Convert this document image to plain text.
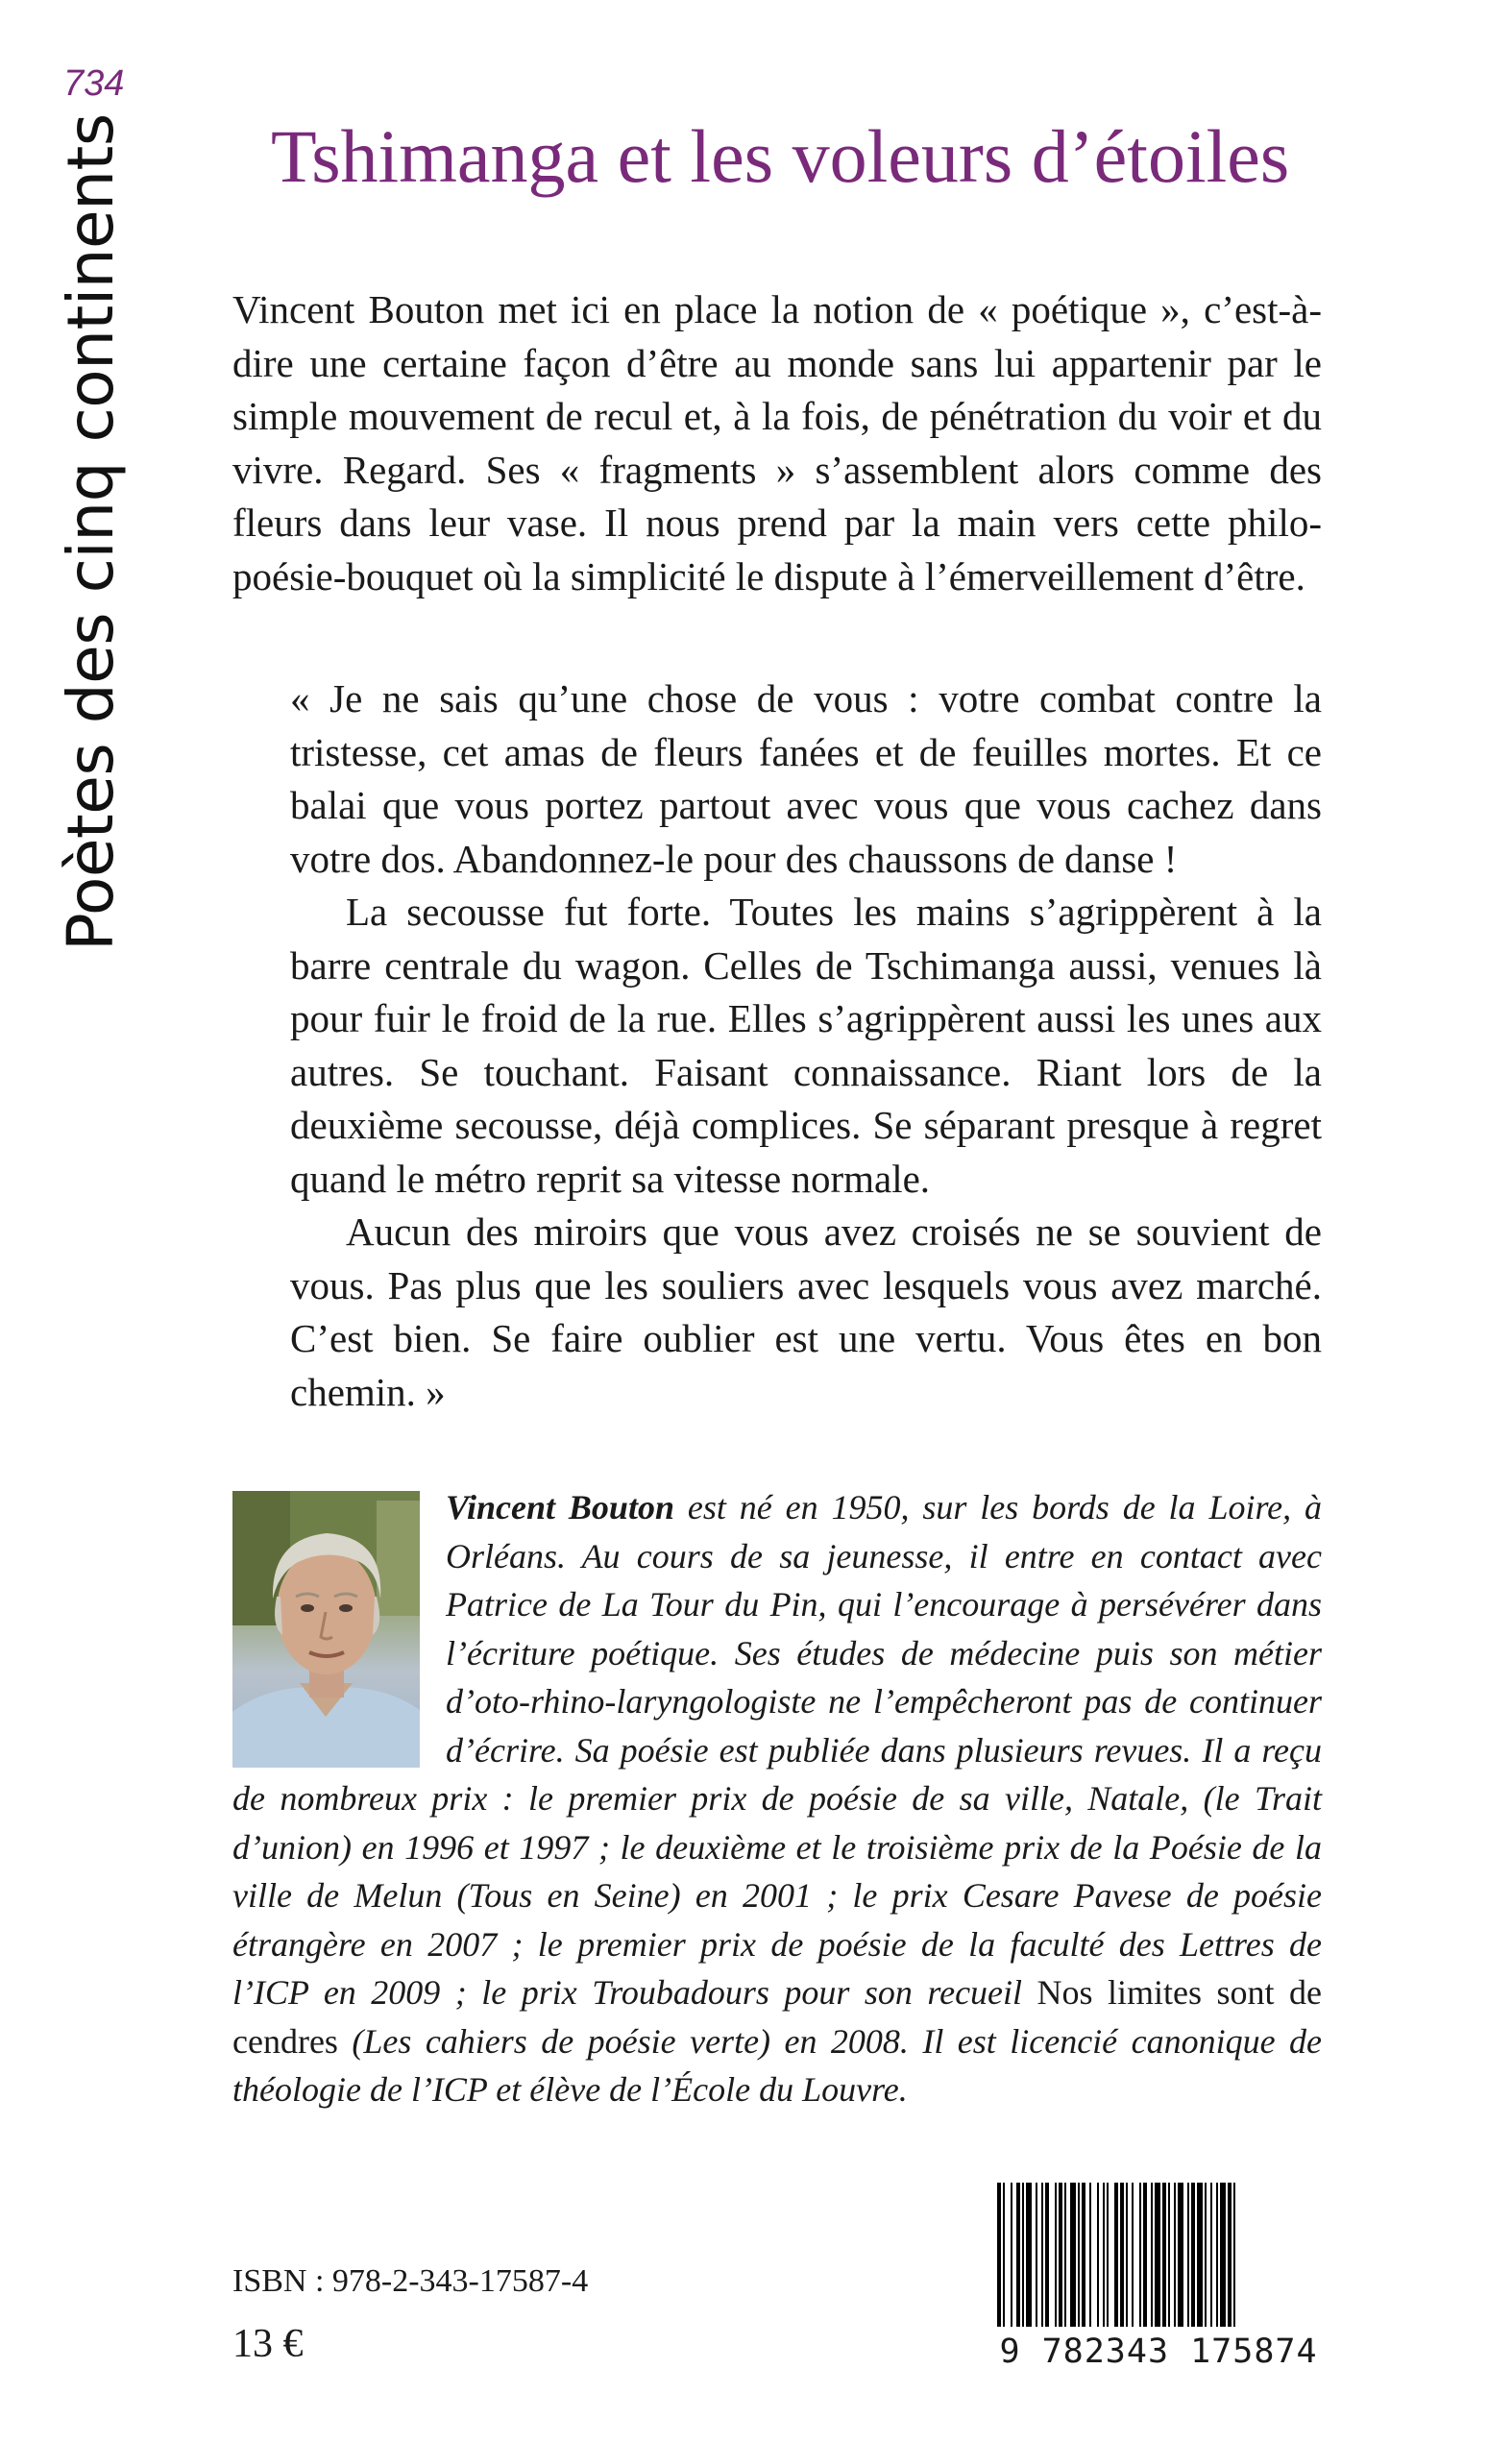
734
Poètes des cinq continents Tshimanga et les voleurs d’étoiles

Vincent Bouton met ici en place la notion de « poétique », c’est-à-dire une certaine façon d’être au monde sans lui appartenir par le simple mouvement de recul et, à la fois, de pénétration du voir et du vivre. Regard. Ses « fragments » s’assemblent alors comme des fleurs dans leur vase. Il nous prend par la main vers cette philo-poésie-bouquet où la simplicité le dispute à l’émerveillement d’être.

« Je ne sais qu’une chose de vous : votre combat contre la tristesse, cet amas de fleurs fanées et de feuilles mortes. Et ce balai que vous portez partout avec vous que vous cachez dans votre dos. Abandonnez-le pour des chaussons de danse !

La secousse fut forte. Toutes les mains s’agrippèrent à la barre centrale du wagon. Celles de Tschimanga aussi, venues là pour fuir le froid de la rue. Elles s’agrippèrent aussi les unes aux autres. Se touchant. Faisant connaissance. Riant lors de la deuxième secousse, déjà complices. Se séparant presque à regret quand le métro reprit sa vitesse normale.

Aucun des miroirs que vous avez croisés ne se souvient de vous. Pas plus que les souliers avec lesquels vous avez marché. C’est bien. Se faire oublier est une vertu. Vous êtes en bon chemin. »

Vincent Bouton est né en 1950, sur les bords de la Loire, à Orléans. Au cours de sa jeunesse, il entre en contact avec Patrice de La Tour du Pin, qui l’encourage à persévérer dans l’écriture poétique. Ses études de médecine puis son métier d’oto-rhino-laryngologiste ne l’empêcheront pas de continuer d’écrire. Sa poésie est publiée dans plusieurs revues. Il a reçu de nombreux prix : le premier prix de poésie de sa ville, Natale, (le Trait d’union) en 1996 et 1997 ; le deuxième et le troisième prix de la Poésie de la ville de Melun (Tous en Seine) en 2001 ; le prix Cesare Pavese de poésie étrangère en 2007 ; le premier prix de poésie de la faculté des Lettres de l’ICP en 2009 ; le prix Troubadours pour son recueil Nos limites sont de cendres (Les cahiers de poésie verte) en 2008. Il est licencié canonique de théologie de l’ICP et élève de l’École du Louvre.

ISBN : 978-2-343-17587-4
13 €	9 782343 175874
